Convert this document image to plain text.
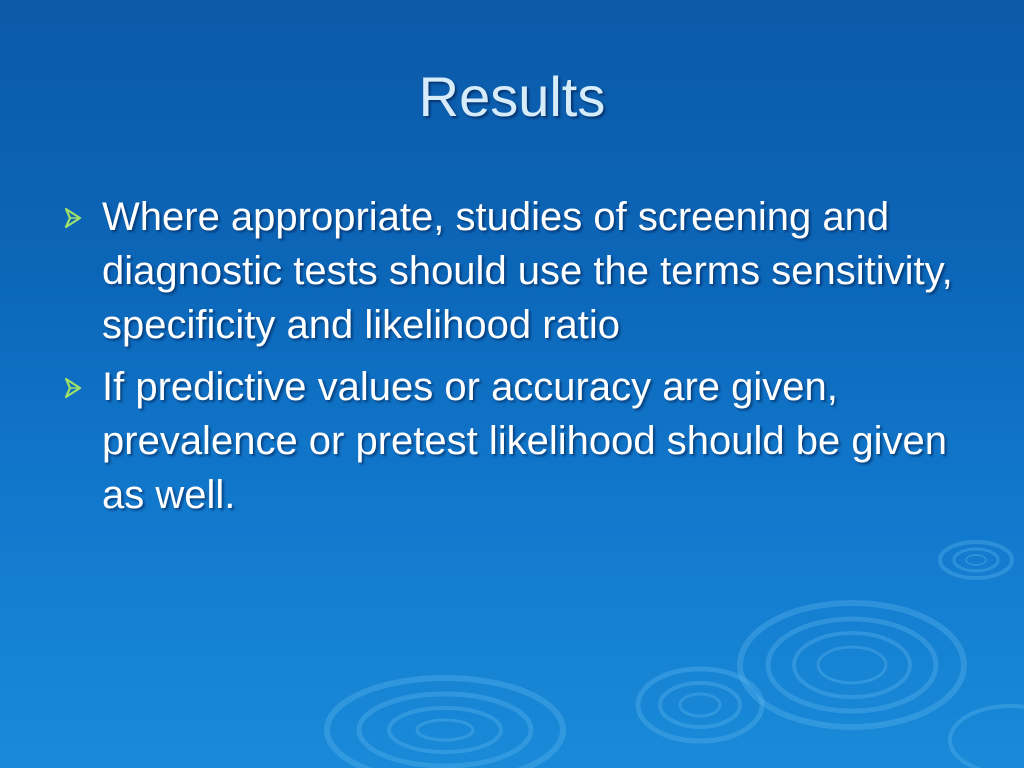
Results
Where appropriate, studies of screening and diagnostic tests should use the terms sensitivity, specificity and likelihood ratio
If predictive values or accuracy are given, prevalence or pretest likelihood should be given as well.
